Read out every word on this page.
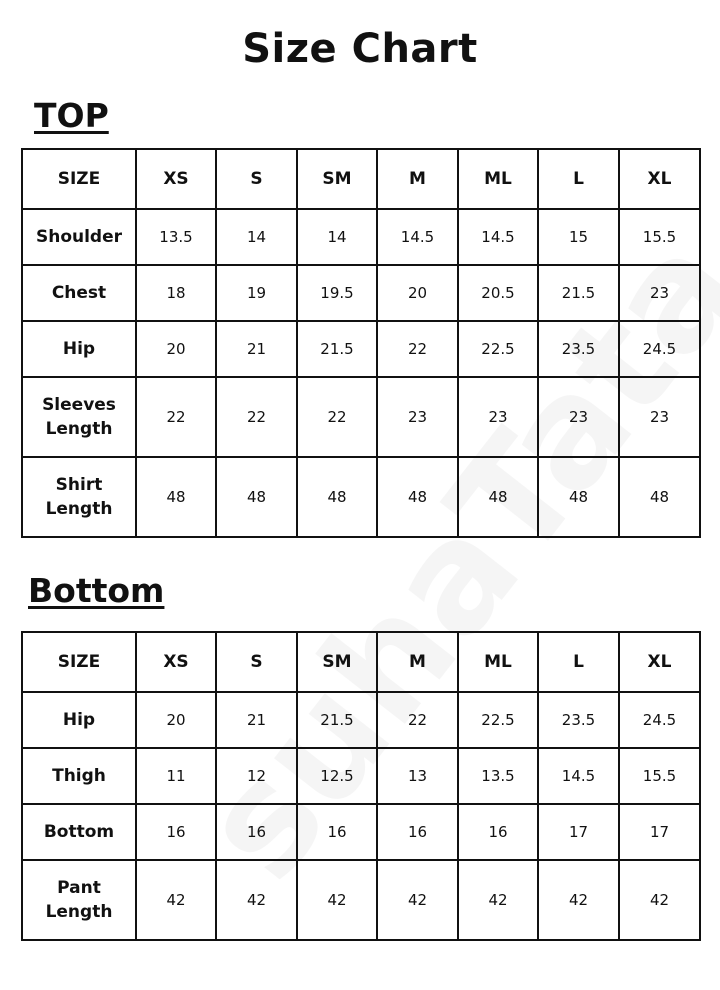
Size Chart
TOP
SIZE	XS	S	SM	M	ML	L	XL
Shoulder	13.5	14	14	14.5	14.5	15	15.5
Chest	18	19	19.5	20	20.5	21.5	23
Hip	20	21	21.5	22	22.5	23.5	24.5
Sleeves
Length	22	22	22	23	23	23	23
Shirt
Length	48	48	48	48	48	48	48
Bottom
SIZE	XS	S	SM	M	ML	L	XL
Hip	20	21	21.5	22	22.5	23.5	24.5
Thigh	11	12	12.5	13	13.5	14.5	15.5
Bottom	16	16	16	16	16	17	17
Pant
Length	42	42	42	42	42	42	42
